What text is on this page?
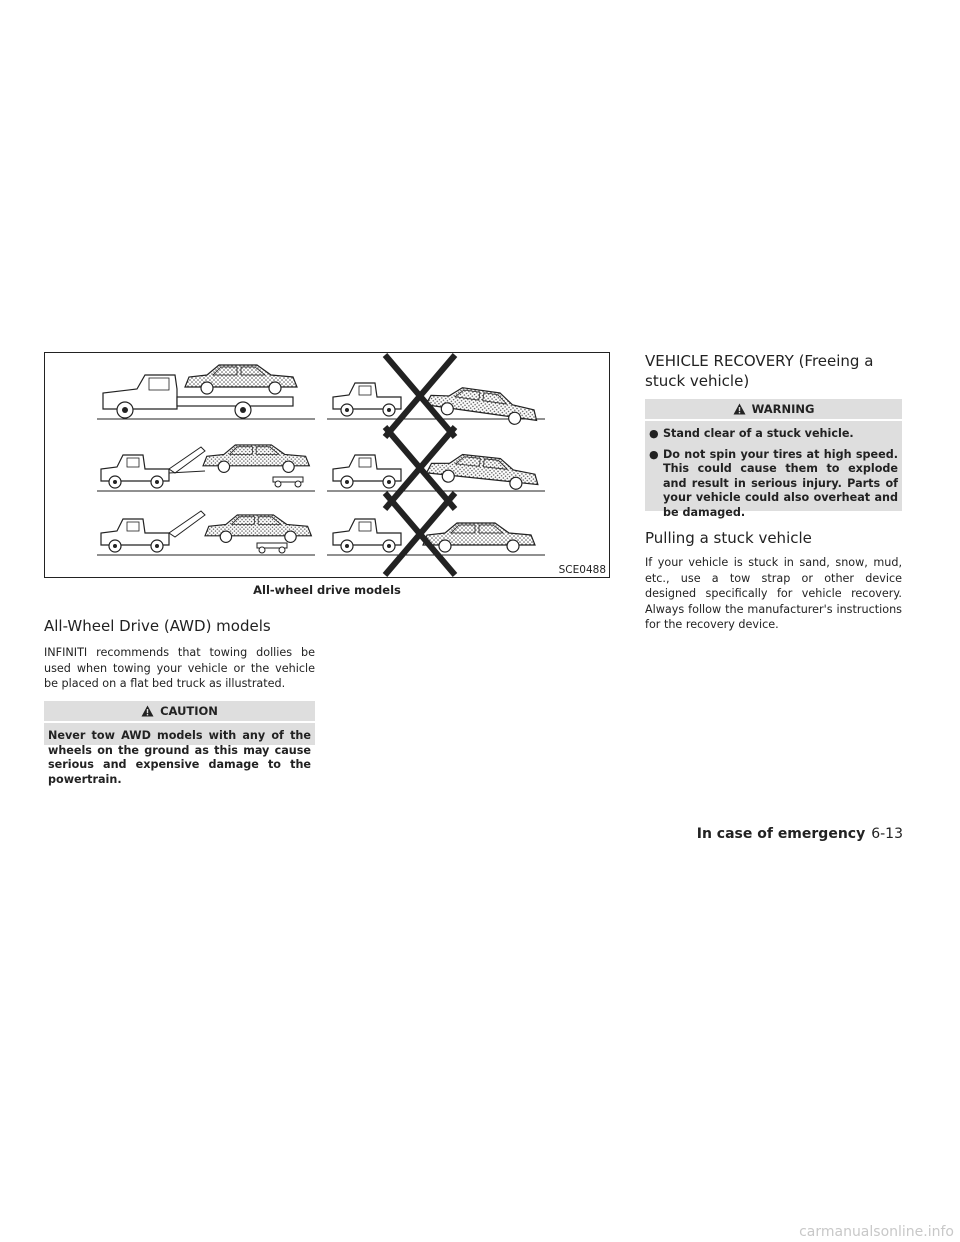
SCE0488
All-wheel drive models
All-Wheel Drive (AWD) models
INFINITI recommends that towing dollies be used when towing your vehicle or the vehicle be placed on a flat bed truck as illustrated.
CAUTION
Never tow AWD models with any of the wheels on the ground as this may cause serious and expensive damage to the powertrain.
VEHICLE RECOVERY (Freeing a stuck vehicle)
WARNING
● Stand clear of a stuck vehicle.
● Do not spin your tires at high speed. This could cause them to explode and result in serious injury. Parts of your vehicle could also overheat and be damaged.
Pulling a stuck vehicle
If your vehicle is stuck in sand, snow, mud, etc., use a tow strap or other device designed specifically for vehicle recovery. Always follow the manufacturer's instructions for the recovery device.
In case of emergency 6-13
carmanualsonline.info
